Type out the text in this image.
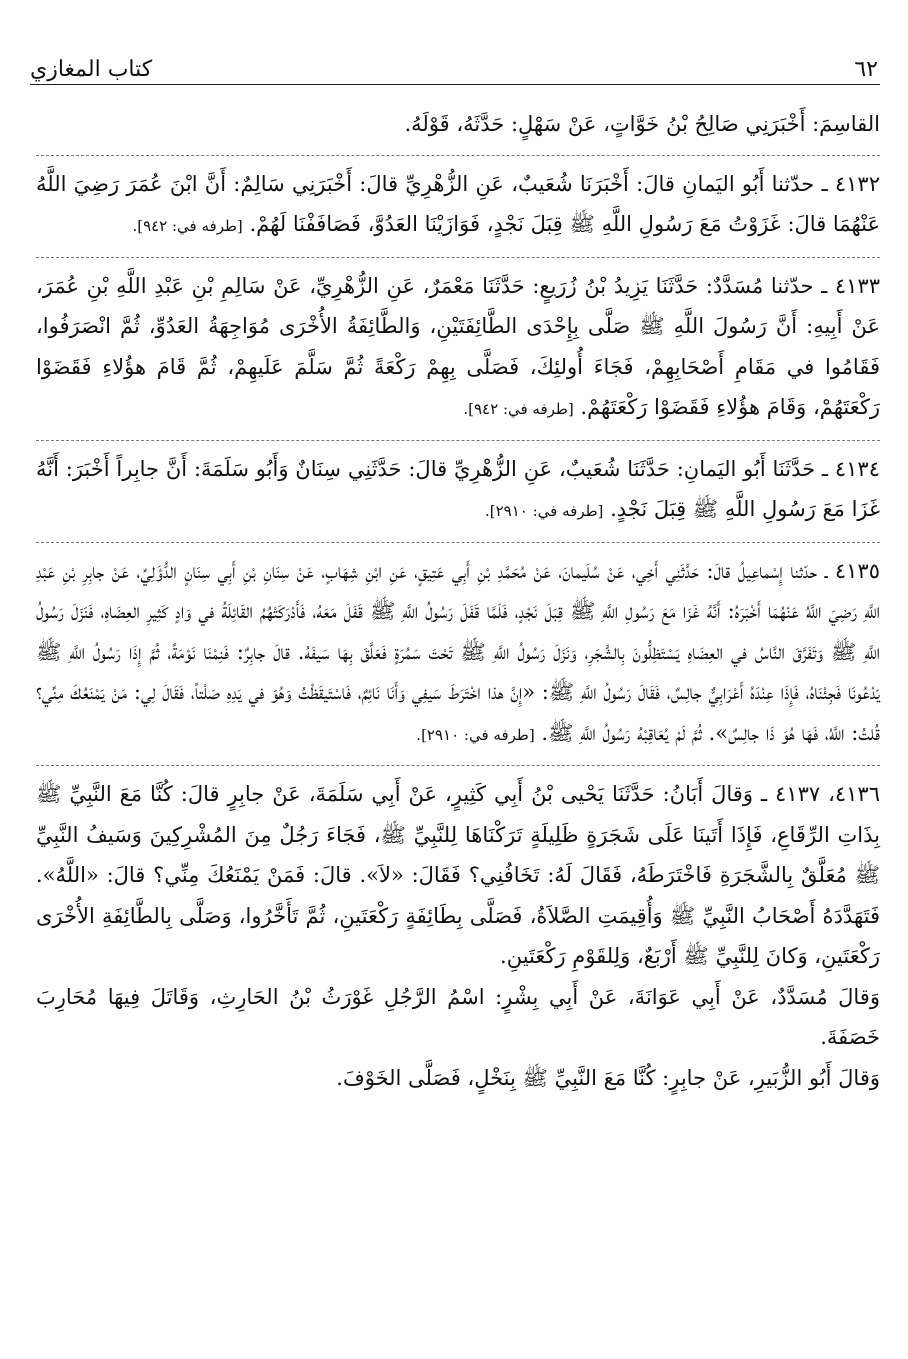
٦٢
كتاب المغازي

القاسِمَ: أَخْبَرَنِي صَالِحُ بْنُ خَوَّاتٍ، عَنْ سَهْلٍ: حَدَّثَهُ، قَوْلَهُ.

٤١٣٢ ـ حدّثنا أَبُو اليَمانِ قالَ: أَخْبَرَنَا شُعَيبٌ، عَنِ الزُّهْرِيِّ قالَ: أَخْبَرَنِي سَالِمٌ: أَنَّ ابْنَ عُمَرَ رَضِيَ اللَّهُ عَنْهُمَا قالَ: غَزَوْتُ مَعَ رَسُولِ اللَّهِ ﷺ قِبَلَ نَجْدٍ، فَوَازَيْنَا العَدُوَّ، فَصَافَفْنَا لَهُمْ. [طرفه في: ٩٤٢].

٤١٣٣ ـ حدّثنا مُسَدَّدٌ: حَدَّثَنَا يَزِيدُ بْنُ زُرَيعٍ: حَدَّثَنَا مَعْمَرٌ، عَنِ الزُّهْرِيِّ، عَنْ سَالِمِ بْنِ عَبْدِ اللَّهِ بْنِ عُمَرَ، عَنْ أَبِيهِ: أَنَّ رَسُولَ اللَّهِ ﷺ صَلَّى بِإِحْدَى الطَّائِفَتَيْنِ، وَالطَّائِفَةُ الأُخْرَى مُوَاجِهَةُ العَدُوِّ، ثُمَّ انْصَرَفُوا، فَقَامُوا في مَقَامِ أَصْحَابِهِمْ، فَجَاءَ أُولئِكَ، فَصَلَّى بِهِمْ رَكْعَةً ثُمَّ سَلَّمَ عَلَيهِمْ، ثُمَّ قَامَ هؤُلاءِ فَقَضَوْا رَكْعَتَهُمْ، وَقَامَ هؤُلاءِ فَقَضَوْا رَكْعَتَهُمْ. [طرفه في: ٩٤٢].

٤١٣٤ ـ حَدَّثَنَا أَبُو اليَمانِ: حَدَّثَنَا شُعَيبٌ، عَنِ الزُّهْرِيِّ قالَ: حَدَّثَنِي سِنَانٌ وَأَبُو سَلَمَةَ: أَنَّ جابِراً أَخْبَرَ: أَنَّهُ غَزَا مَعَ رَسُولِ اللَّهِ ﷺ قِبَلَ نَجْدٍ. [طرفه في: ٢٩١٠].

٤١٣٥ ـ حدّثنا إِسْماعِيلُ قالَ: حَدَّثَنِي أَخِي، عَنْ سُلَيمانَ، عَنْ مُحَمَّدِ بْنِ أَبِي عَتِيقٍ، عَنِ ابْنِ شِهَابٍ، عَنْ سِنَانِ بْنِ أَبِي سِنَانٍ الدُّؤَلِيِّ، عَنْ جابِرِ بْنِ عَبْدِ اللَّهِ رَضِيَ اللَّهُ عَنْهُمَا أَخْبَرَهُ: أَنَّهُ غَزَا مَعَ رَسُولِ اللَّهِ ﷺ قِبَلَ نَجْدٍ، فَلَمَّا قَفَلَ رَسُولُ اللَّهِ ﷺ قَفَلَ مَعَهُ، فَأَدْرَكَتْهُمُ القَائِلَةُ في وَادٍ كَثِيرِ العِضَاهِ، فَنَزَلَ رَسُولُ اللَّهِ ﷺ وَتَفَرَّقَ النَّاسُ في العِضَاهِ يَسْتَظِلُّونَ بِالشَّجَرِ، وَنَزَلَ رَسُولُ اللَّهِ ﷺ تَحْتَ سَمُرَةٍ فَعَلَّقَ بِهَا سَيفَهُ. قالَ جابِرٌ: فَنِمْنَا نَوْمَةً، ثُمَّ إِذَا رَسُولُ اللَّهِ ﷺ يَدْعُونَا فَجِئْنَاهُ، فَإِذَا عِنْدَهُ أَعْرَابِيٌّ جالِسٌ، فَقَالَ رَسُولُ اللَّهِ ﷺ: «إِنَّ هذا اخْتَرَطَ سَيفِي وَأَنَا نَائِمٌ، فَاسْتَيقَظْتُ وَهُوَ في يَدِهِ صَلْتاً، فَقَالَ لِي: مَنْ يَمْنَعُكَ مِنِّي؟ قُلتُ: اللَّهُ، فَهَا هُوَ ذَا جالِسٌ». ثُمَّ لَمْ يُعَاقِبْهُ رَسُولُ اللَّهِ ﷺ. [طرفه في: ٢٩١٠].

٤١٣٦، ٤١٣٧ ـ وَقالَ أَبَانُ: حَدَّثَنَا يَحْيى بْنُ أَبِي كَثِيرٍ، عَنْ أَبِي سَلَمَةَ، عَنْ جابِرٍ قالَ: كُنَّا مَعَ النَّبِيِّ ﷺ بِذَاتِ الرِّقَاعِ، فَإِذَا أَتَينَا عَلَى شَجَرَةٍ ظَلِيلَةٍ تَرَكْنَاهَا لِلنَّبِيِّ ﷺ، فَجَاءَ رَجُلٌ مِنَ المُشْرِكِينَ وَسَيفُ النَّبِيِّ ﷺ مُعَلَّقٌ بِالشَّجَرَةِ فَاخْتَرَطَهُ، فَقَالَ لَهُ: تَخَافُنِي؟ فَقَالَ: «لاَ». قالَ: فَمَنْ يَمْنَعُكَ مِنِّي؟ قالَ: «اللَّهُ». فَتَهَدَّدَهُ أَصْحَابُ النَّبِيِّ ﷺ وَأُقِيمَتِ الصَّلاَةُ، فَصَلَّى بِطَائِفَةٍ رَكْعَتَينِ، ثُمَّ تَأَخَّرُوا، وَصَلَّى بِالطَّائِفَةِ الأُخْرَى رَكْعَتَينِ، وَكانَ لِلنَّبِيِّ ﷺ أَرْبَعٌ، وَلِلقَوْمِ رَكْعَتَينِ.

وَقالَ مُسَدَّدٌ، عَنْ أَبِي عَوَانَةَ، عَنْ أَبِي بِشْرٍ: اسْمُ الرَّجُلِ غَوْرَثُ بْنُ الحَارِثِ، وَقَاتَلَ فِيهَا مُحَارِبَ خَصَفَةَ.

وَقالَ أَبُو الزُّبَيرِ، عَنْ جابِرٍ: كُنَّا مَعَ النَّبِيِّ ﷺ بِنَخْلٍ، فَصَلَّى الخَوْفَ.
